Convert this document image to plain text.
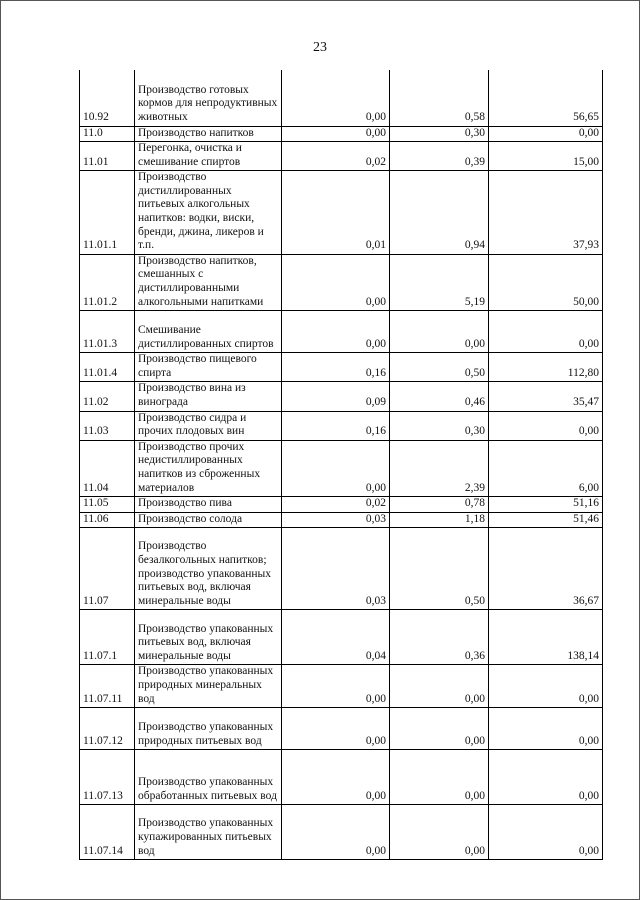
23
10.92	Производство готовых кормов для непродуктивных животных	0,00	0,58	56,65
11.0	Производство напитков	0,00	0,30	0,00
11.01	Перегонка, очистка и смешивание спиртов	0,02	0,39	15,00
11.01.1	Производство дистиллированных питьевых алкогольных напитков: водки, виски, бренди, джина, ликеров и т.п.	0,01	0,94	37,93
11.01.2	Производство напитков, смешанных с дистиллированными алкогольными напитками	0,00	5,19	50,00
11.01.3	Смешивание дистиллированных спиртов	0,00	0,00	0,00
11.01.4	Производство пищевого спирта	0,16	0,50	112,80
11.02	Производство вина из винограда	0,09	0,46	35,47
11.03	Производство сидра и прочих плодовых вин	0,16	0,30	0,00
11.04	Производство прочих недистиллированных напитков из сброженных материалов	0,00	2,39	6,00
11.05	Производство пива	0,02	0,78	51,16
11.06	Производство солода	0,03	1,18	51,46
11.07	Производство безалкогольных напитков; производство упакованных питьевых вод, включая минеральные воды	0,03	0,50	36,67
11.07.1	Производство упакованных питьевых вод, включая минеральные воды	0,04	0,36	138,14
11.07.11	Производство упакованных природных минеральных вод	0,00	0,00	0,00
11.07.12	Производство упакованных природных питьевых вод	0,00	0,00	0,00
11.07.13	Производство упакованных обработанных питьевых вод	0,00	0,00	0,00
11.07.14	Производство упакованных купажированных питьевых вод	0,00	0,00	0,00
